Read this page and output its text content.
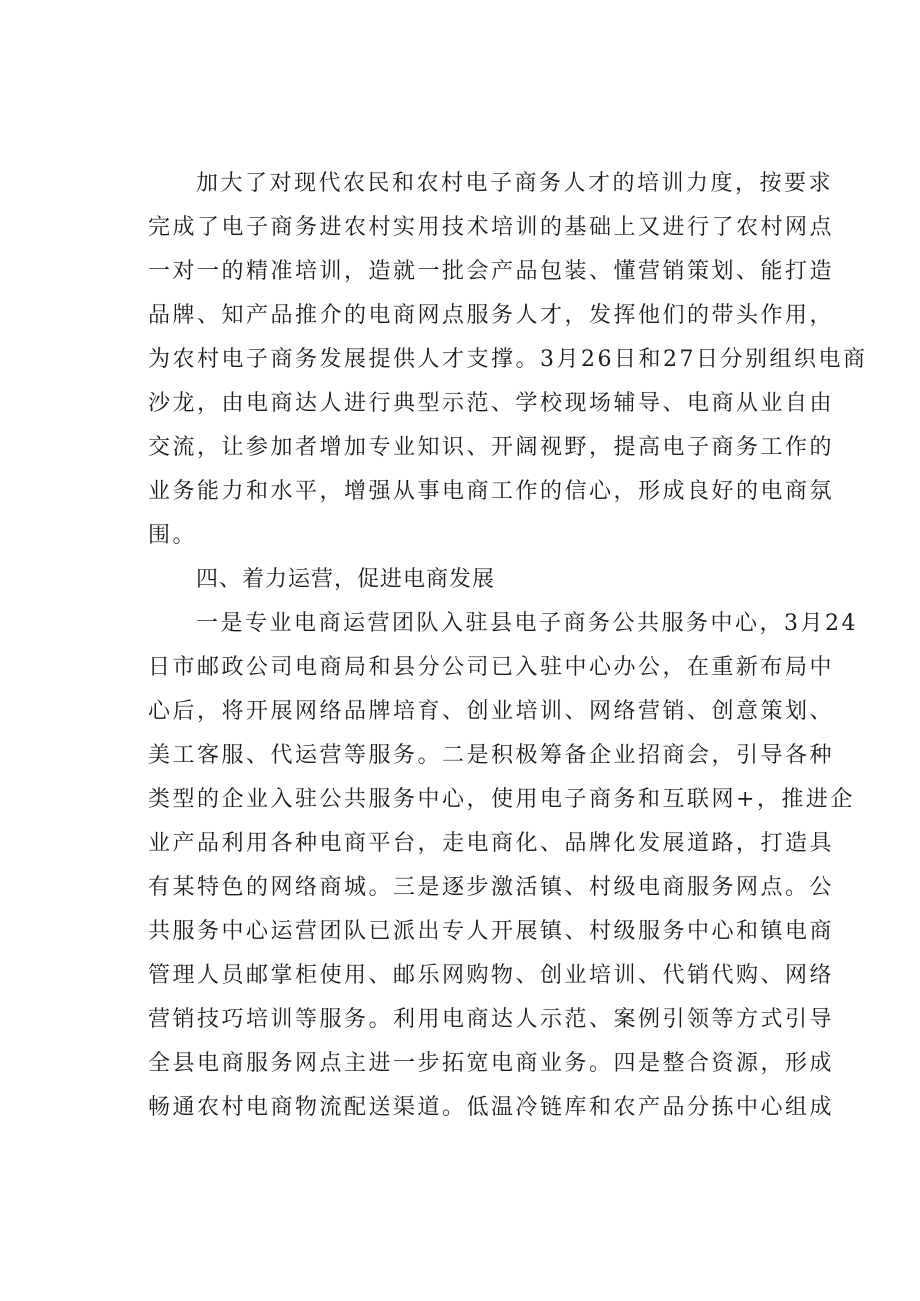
加大了对现代农民和农村电子商务人才的培训力度，按要求
完成了电子商务进农村实用技术培训的基础上又进行了农村网点
一对一的精准培训，造就一批会产品包装、懂营销策划、能打造
品牌、知产品推介的电商网点服务人才，发挥他们的带头作用，
为农村电子商务发展提供人才支撑。3月26日和27日分别组织电商
沙龙，由电商达人进行典型示范、学校现场辅导、电商从业自由
交流，让参加者增加专业知识、开阔视野，提高电子商务工作的
业务能力和水平，增强从事电商工作的信心，形成良好的电商氛
围。
四、着力运营，促进电商发展
一是专业电商运营团队入驻县电子商务公共服务中心，3月24
日市邮政公司电商局和县分公司已入驻中心办公，在重新布局中
心后，将开展网络品牌培育、创业培训、网络营销、创意策划、
美工客服、代运营等服务。二是积极筹备企业招商会，引导各种
类型的企业入驻公共服务中心，使用电子商务和互联网+，推进企
业产品利用各种电商平台，走电商化、品牌化发展道路，打造具
有某特色的网络商城。三是逐步激活镇、村级电商服务网点。公
共服务中心运营团队已派出专人开展镇、村级服务中心和镇电商
管理人员邮掌柜使用、邮乐网购物、创业培训、代销代购、网络
营销技巧培训等服务。利用电商达人示范、案例引领等方式引导
全县电商服务网点主进一步拓宽电商业务。四是整合资源，形成
畅通农村电商物流配送渠道。低温冷链库和农产品分拣中心组成
